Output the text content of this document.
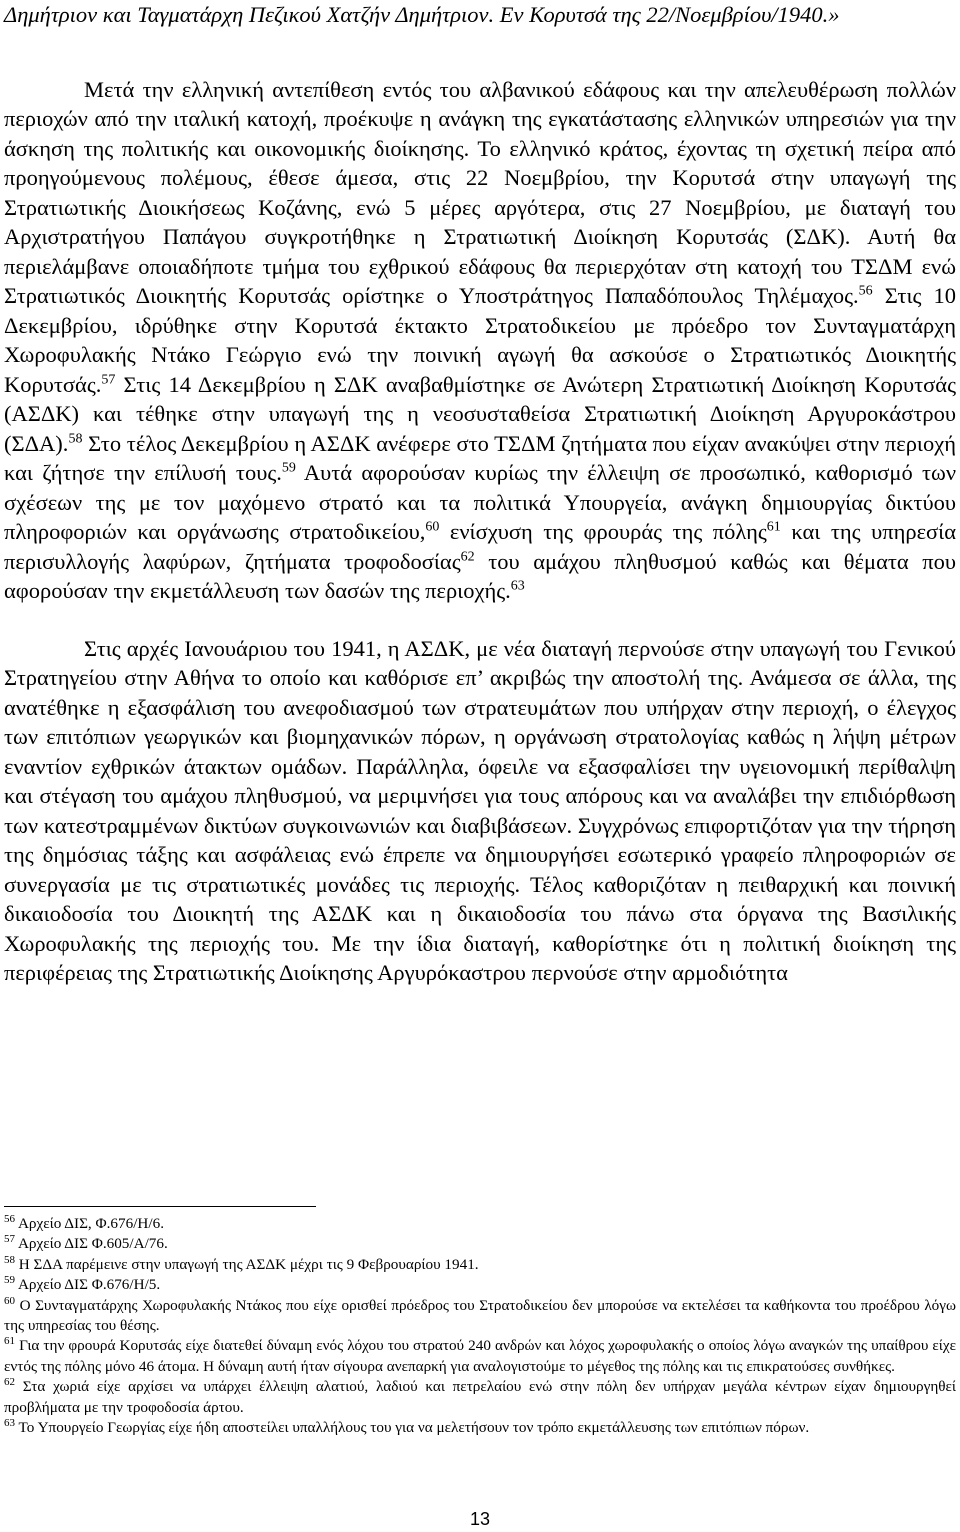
Δημήτριον και Ταγματάρχη Πεζικού Χατζήν Δημήτριον. Εν Κορυτσά της 22/Νοεμβρίου/1940.»

Μετά την ελληνική αντεπίθεση εντός του αλβανικού εδάφους και την απελευθέρωση πολλών περιοχών από την ιταλική κατοχή, προέκυψε η ανάγκη της εγκατάστασης ελληνικών υπηρεσιών για την άσκηση της πολιτικής και οικονομικής διοίκησης. Το ελληνικό κράτος, έχοντας τη σχετική πείρα από προηγούμενους πολέμους, έθεσε άμεσα, στις 22 Νοεμβρίου, την Κορυτσά στην υπαγωγή της Στρατιωτικής Διοικήσεως Κοζάνης, ενώ 5 μέρες αργότερα, στις 27 Νοεμβρίου, με διαταγή του Αρχιστρατήγου Παπάγου συγκροτήθηκε η Στρατιωτική Διοίκηση Κορυτσάς (ΣΔΚ). Αυτή θα περιελάμβανε οποιαδήποτε τμήμα του εχθρικού εδάφους θα περιερχόταν στη κατοχή του ΤΣΔΜ ενώ Στρατιωτικός Διοικητής Κορυτσάς ορίστηκε ο Υποστράτηγος Παπαδόπουλος Τηλέμαχος.$^{56}$ Στις 10 Δεκεμβρίου, ιδρύθηκε στην Κορυτσά έκτακτο Στρατοδικείου με πρόεδρο τον Συνταγματάρχη Χωροφυλακής Ντάκο Γεώργιο ενώ την ποινική αγωγή θα ασκούσε ο Στρατιωτικός Διοικητής Κορυτσάς.$^{57}$ Στις 14 Δεκεμβρίου η ΣΔΚ αναβαθμίστηκε σε Ανώτερη Στρατιωτική Διοίκηση Κορυτσάς (ΑΣΔΚ) και τέθηκε στην υπαγωγή της η νεοσυσταθείσα Στρατιωτική Διοίκηση Αργυροκάστρου (ΣΔΑ).$^{58}$ Στο τέλος Δεκεμβρίου η ΑΣΔΚ ανέφερε στο ΤΣΔΜ ζητήματα που είχαν ανακύψει στην περιοχή και ζήτησε την επίλυσή τους.$^{59}$ Αυτά αφορούσαν κυρίως την έλλειψη σε προσωπικό, καθορισμό των σχέσεων της με τον μαχόμενο στρατό και τα πολιτικά Υπουργεία, ανάγκη δημιουργίας δικτύου πληροφοριών και οργάνωσης στρατοδικείου,$^{60}$ ενίσχυση της φρουράς της πόλης$^{61}$ και της υπηρεσία περισυλλογής λαφύρων, ζητήματα τροφοδοσίας$^{62}$ του αμάχου πληθυσμού καθώς και θέματα που αφορούσαν την εκμετάλλευση των δασών της περιοχής.$^{63}$

Στις αρχές Ιανουάριου του 1941, η ΑΣΔΚ, με νέα διαταγή περνούσε στην υπαγωγή του Γενικού Στρατηγείου στην Αθήνα το οποίο και καθόρισε επ’ ακριβώς την αποστολή της. Ανάμεσα σε άλλα, της ανατέθηκε η εξασφάλιση του ανεφοδιασμού των στρατευμάτων που υπήρχαν στην περιοχή, ο έλεγχος των επιτόπιων γεωργικών και βιομηχανικών πόρων, η οργάνωση στρατολογίας καθώς η λήψη μέτρων εναντίον εχθρικών άτακτων ομάδων. Παράλληλα, όφειλε να εξασφαλίσει την υγειονομική περίθαλψη και στέγαση του αμάχου πληθυσμού, να μεριμνήσει για τους απόρους και να αναλάβει την επιδιόρθωση των κατεστραμμένων δικτύων συγκοινωνιών και διαβιβάσεων. Συγχρόνως επιφορτιζόταν για την τήρηση της δημόσιας τάξης και ασφάλειας ενώ έπρεπε να δημιουργήσει εσωτερικό γραφείο πληροφοριών σε συνεργασία με τις στρατιωτικές μονάδες τις περιοχής. Τέλος καθοριζόταν η πειθαρχική και ποινική δικαιοδοσία του Διοικητή της ΑΣΔΚ και η δικαιοδοσία του πάνω στα όργανα της Βασιλικής Χωροφυλακής της περιοχής του. Με την ίδια διαταγή, καθορίστηκε ότι η πολιτική διοίκηση της περιφέρειας της Στρατιωτικής Διοίκησης Αργυρόκαστρου περνούσε στην αρμοδιότητα

$^{56}$ Αρχείο ΔΙΣ, Φ.676/Η/6.

$^{57}$ Αρχείο ΔΙΣ Φ.605/Α/76.

$^{58}$ Η ΣΔΑ παρέμεινε στην υπαγωγή της ΑΣΔΚ μέχρι τις 9 Φεβρουαρίου 1941.

$^{59}$ Αρχείο ΔΙΣ Φ.676/Η/5.

$^{60}$ Ο Συνταγματάρχης Χωροφυλακής Ντάκος που είχε ορισθεί πρόεδρος του Στρατοδικείου δεν μπορούσε να εκτελέσει τα καθήκοντα του προέδρου λόγω της υπηρεσίας του θέσης.

$^{61}$ Για την φρουρά Κορυτσάς είχε διατεθεί δύναμη ενός λόχου του στρατού 240 ανδρών και λόχος χωροφυλακής ο οποίος λόγω αναγκών της υπαίθρου είχε εντός της πόλης μόνο 46 άτομα. Η δύναμη αυτή ήταν σίγουρα ανεπαρκή για αναλογιστούμε το μέγεθος της πόλης και τις επικρατούσες συνθήκες.

$^{62}$ Στα χωριά είχε αρχίσει να υπάρχει έλλειψη αλατιού, λαδιού και πετρελαίου ενώ στην πόλη δεν υπήρχαν μεγάλα κέντρων είχαν δημιουργηθεί προβλήματα με την τροφοδοσία άρτου.

$^{63}$ Το Υπουργείο Γεωργίας είχε ήδη αποστείλει υπαλλήλους του για να μελετήσουν τον τρόπο εκμετάλλευσης των επιτόπιων πόρων.

13
